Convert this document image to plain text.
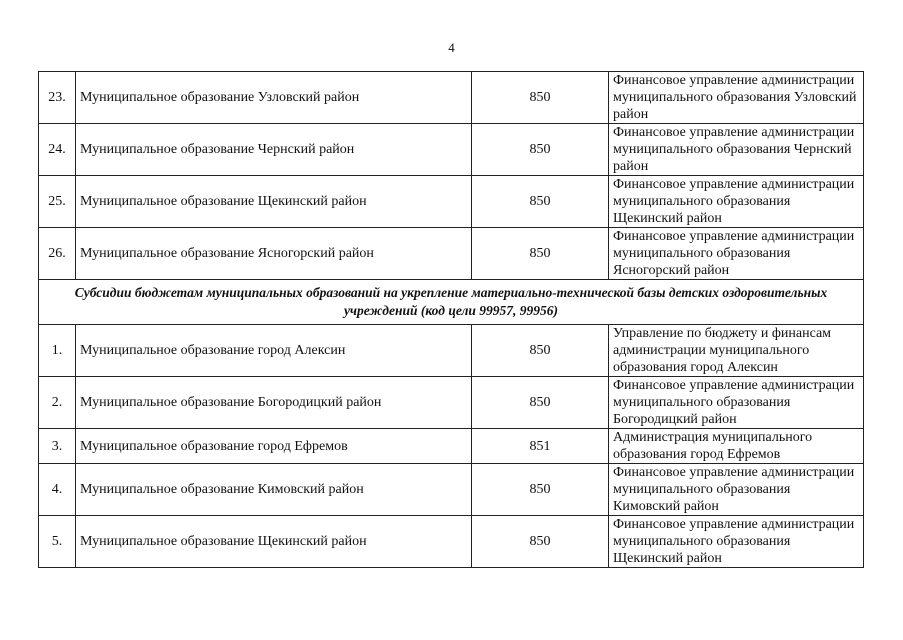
4
23.	Муниципальное образование Узловский район	850	Финансовое управление администрации муниципального образования Узловский район
24.	Муниципальное образование Чернский район	850	Финансовое управление администрации муниципального образования Чернский район
25.	Муниципальное образование Щекинский район	850	Финансовое управление администрации муниципального образования Щекинский район
26.	Муниципальное образование Ясногорский район	850	Финансовое управление администрации муниципального образования Ясногорский район
Субсидии бюджетам муниципальных образований на укрепление материально-технической базы детских оздоровительных учреждений (код цели 99957, 99956)			
1.	Муниципальное образование город Алексин	850	Управление по бюджету и финансам администрации муниципального образования город Алексин
2.	Муниципальное образование Богородицкий район	850	Финансовое управление администрации муниципального образования Богородицкий район
3.	Муниципальное образование город Ефремов	851	Администрация муниципального образования город Ефремов
4.	Муниципальное образование Кимовский район	850	Финансовое управление администрации муниципального образования Кимовский район
5.	Муниципальное образование Щекинский район	850	Финансовое управление администрации муниципального образования Щекинский район
